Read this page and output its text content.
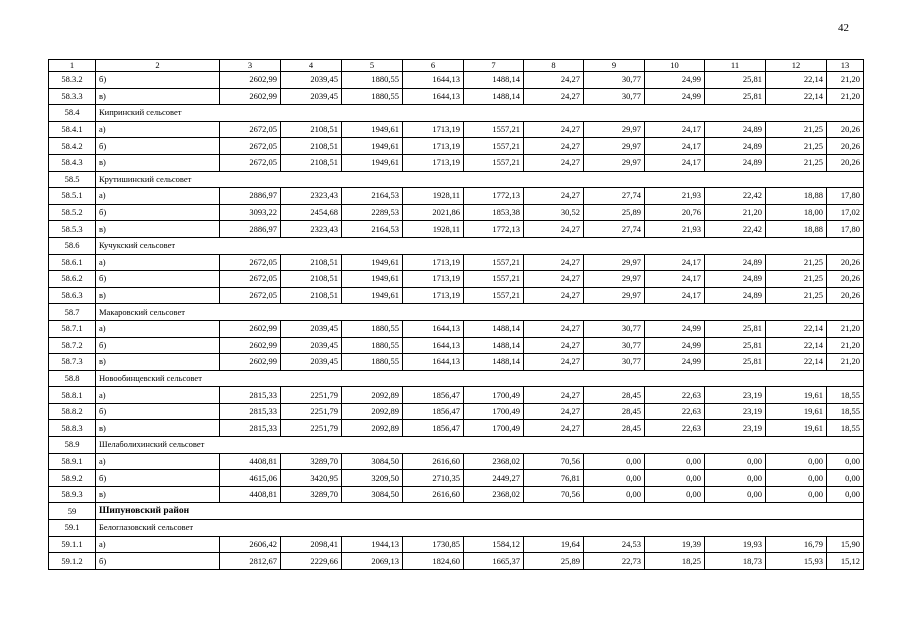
42
1	2	3	4	5	6	7	8	9	10	11	12	13
58.3.2	б)	2602,99	2039,45	1880,55	1644,13	1488,14	24,27	30,77	24,99	25,81	22,14	21,20
58.3.3	в)	2602,99	2039,45	1880,55	1644,13	1488,14	24,27	30,77	24,99	25,81	22,14	21,20
58.4	Кипринский сельсовет											
58.4.1	а)	2672,05	2108,51	1949,61	1713,19	1557,21	24,27	29,97	24,17	24,89	21,25	20,26
58.4.2	б)	2672,05	2108,51	1949,61	1713,19	1557,21	24,27	29,97	24,17	24,89	21,25	20,26
58.4.3	в)	2672,05	2108,51	1949,61	1713,19	1557,21	24,27	29,97	24,17	24,89	21,25	20,26
58.5	Крутишинский сельсовет											
58.5.1	а)	2886,97	2323,43	2164,53	1928,11	1772,13	24,27	27,74	21,93	22,42	18,88	17,80
58.5.2	б)	3093,22	2454,68	2289,53	2021,86	1853,38	30,52	25,89	20,76	21,20	18,00	17,02
58.5.3	в)	2886,97	2323,43	2164,53	1928,11	1772,13	24,27	27,74	21,93	22,42	18,88	17,80
58.6	Кучукский сельсовет											
58.6.1	а)	2672,05	2108,51	1949,61	1713,19	1557,21	24,27	29,97	24,17	24,89	21,25	20,26
58.6.2	б)	2672,05	2108,51	1949,61	1713,19	1557,21	24,27	29,97	24,17	24,89	21,25	20,26
58.6.3	в)	2672,05	2108,51	1949,61	1713,19	1557,21	24,27	29,97	24,17	24,89	21,25	20,26
58.7	Макаровский сельсовет											
58.7.1	а)	2602,99	2039,45	1880,55	1644,13	1488,14	24,27	30,77	24,99	25,81	22,14	21,20
58.7.2	б)	2602,99	2039,45	1880,55	1644,13	1488,14	24,27	30,77	24,99	25,81	22,14	21,20
58.7.3	в)	2602,99	2039,45	1880,55	1644,13	1488,14	24,27	30,77	24,99	25,81	22,14	21,20
58.8	Новообинцевский сельсовет											
58.8.1	а)	2815,33	2251,79	2092,89	1856,47	1700,49	24,27	28,45	22,63	23,19	19,61	18,55
58.8.2	б)	2815,33	2251,79	2092,89	1856,47	1700,49	24,27	28,45	22,63	23,19	19,61	18,55
58.8.3	в)	2815,33	2251,79	2092,89	1856,47	1700,49	24,27	28,45	22,63	23,19	19,61	18,55
58.9	Шелаболихинский сельсовет											
58.9.1	а)	4408,81	3289,70	3084,50	2616,60	2368,02	70,56	0,00	0,00	0,00	0,00	0,00
58.9.2	б)	4615,06	3420,95	3209,50	2710,35	2449,27	76,81	0,00	0,00	0,00	0,00	0,00
58.9.3	в)	4408,81	3289,70	3084,50	2616,60	2368,02	70,56	0,00	0,00	0,00	0,00	0,00
59	Шипуновский район											
59.1	Белоглазовский сельсовет											
59.1.1	а)	2606,42	2098,41	1944,13	1730,85	1584,12	19,64	24,53	19,39	19,93	16,79	15,90
59.1.2	б)	2812,67	2229,66	2069,13	1824,60	1665,37	25,89	22,73	18,25	18,73	15,93	15,12
